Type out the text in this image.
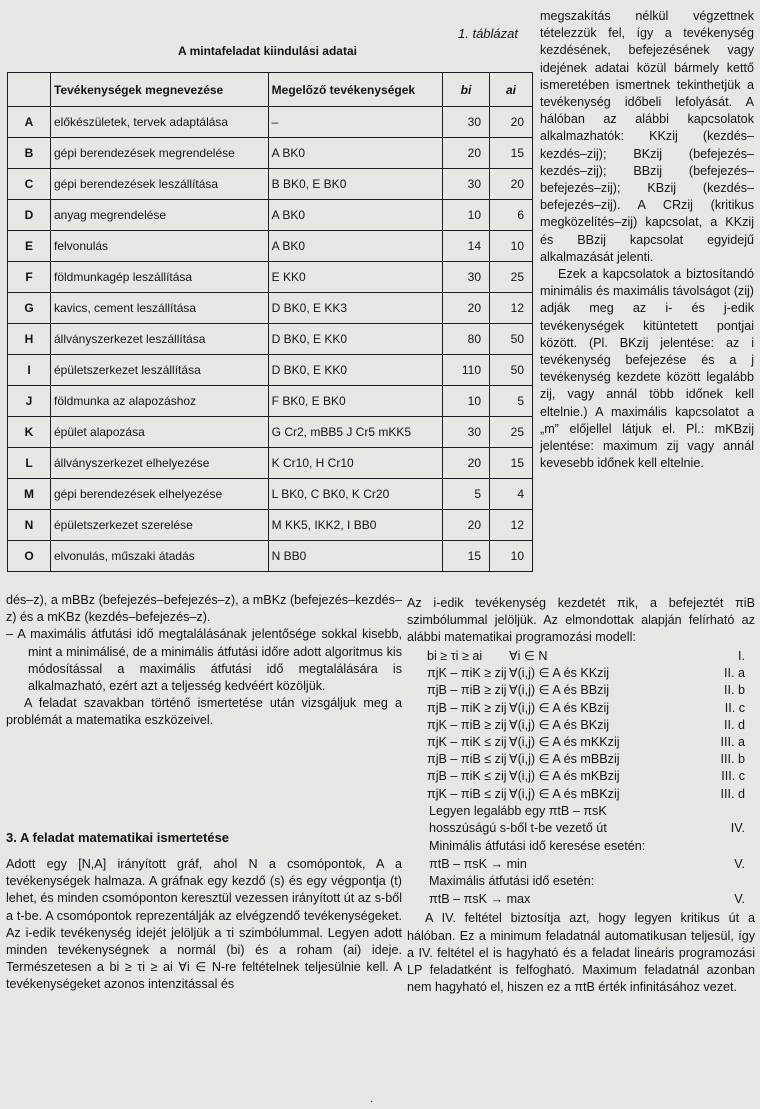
1. táblázat
A mintafeladat kiindulási adatai
	Tevékenységek megnevezése	Megelőző tevékenységek	bi	ai
A	előkészületek, tervek adaptálása	–	30	20
B	gépi berendezések megrendelése	A BK0	20	15
C	gépi berendezések leszállítása	B BK0, E BK0	30	20
D	anyag megrendelése	A BK0	10	6
E	felvonulás	A BK0	14	10
F	földmunkagép leszállítása	E KK0	30	25
G	kavics, cement leszállítása	D BK0, E KK3	20	12
H	állványszerkezet leszállítása	D BK0, E KK0	80	50
I	épületszerkezet leszállítása	D BK0, E KK0	110	50
J	földmunka az alapozáshoz	F BK0, E BK0	10	5
K	épület alapozása	G Cr2, mBB5 J Cr5 mKK5	30	25
L	állványszerkezet elhelyezése	K Cr10, H Cr10	20	15
M	gépi berendezések elhelyezése	L BK0, C BK0, K Cr20	5	4
N	épületszerkezet szerelése	M KK5, IKK2, I BB0	20	12
O	elvonulás, műszaki átadás	N BB0	15	10

megszakítás nélkül végzettnek tételezzük fel, így a tevékenység kezdésének, befejezésének vagy idejének adatai közül bármely kettő ismeretében ismertnek tekinthetjük a tevékenység időbeli lefolyását. A hálóban az alábbi kapcsolatok alkalmazhatók: KKzij (kezdés–kezdés–zij); BKzij (befejezés–kezdés–zij); BBzij (befejezés–befejezés–zij); KBzij (kezdés–befejezés–zij). A CRzij (kritikus megközelítés–zij) kapcsolat, a KKzij és BBzij kapcsolat egyidejű alkalmazását jelenti.

Ezek a kapcsolatok a biztosítandó minimális és maximális távolságot (zij) adják meg az i- és j-edik tevékenységek kitüntetett pontjai között. (Pl. BKzij jelentése: az i tevékenység befejezése és a j tevékenység kezdete között legalább zij, vagy annál több időnek kell eltelnie.) A maximális kapcsolatot a „m” előjellel látjuk el. Pl.: mKBzij jelentése: maximum zij vagy annál kevesebb időnek kell eltelnie.

dés–z), a mBBz (befejezés–befejezés–z), a mBKz (befejezés–kezdés–z) és a mKBz (kezdés–befejezés–z).

– A maximális átfutási idő megtalálásának jelentősége sokkal kisebb, mint a minimálisé, de a minimális átfutási időre adott algoritmus kis módosítással a maximális átfutási idő megtalálására is alkalmazható, ezért azt a teljesség kedvéért közöljük.

A feladat szavakban történő ismertetése után vizsgáljuk meg a problémát a matematika eszközeivel.

3. A feladat matematikai ismertetése

Adott egy [N,A] irányított gráf, ahol N a csomópontok, A a tevékenységek halmaza. A gráfnak egy kezdő (s) és egy végpontja (t) lehet, és minden csomóponton keresztül vezessen irányított út az s-ből a t-be. A csomópontok reprezentálják az elvégzendő tevékenységeket. Az i-edik tevékenység idejét jelöljük a τi szimbólummal. Legyen adott minden tevékenységnek a normál (bi) és a roham (ai) ideje. Természetesen a bi ≥ τi ≥ ai ∀i ∈ N-re feltételnek teljesülnie kell. A tevékenységeket azonos intenzitással és

Az i-edik tevékenység kezdetét πik, a befejeztét πiB szimbólummal jelöljük. Az elmondottak alapján felírható az alábbi matematikai programozási modell:

bi ≥ τi ≥ ai ∀i ∈ N	I.
πjK – πiK ≥ zij ∀(i,j) ∈ A és KKzij	II. a
πjB – πiB ≥ zij ∀(i,j) ∈ A és BBzij	II. b
πjB – πiK ≥ zij ∀(i,j) ∈ A és KBzij	II. c
πjK – πiB ≥ zij ∀(i,j) ∈ A és BKzij	II. d
πjK – πiK ≤ zij ∀(i,j) ∈ A és mKKzij	III. a
πjB – πiB ≤ zij ∀(i,j) ∈ A és mBBzij	III. b
πjB – πiK ≤ zij ∀(i,j) ∈ A és mKBzij	III. c
πjK – πiB ≤ zij ∀(i,j) ∈ A és mBKzij	III. d
Legyen legalább egy πtB – πsK
hosszúságú s-ből t-be vezető út	IV.
Minimális átfutási idő keresése esetén:
πtB – πsK → min	V.
Maximális átfutási idő esetén:
πtB – πsK → max	V.
A IV. feltétel biztosítja azt, hogy legyen kritikus út a hálóban. Ez a minimum feladatnál automatikusan teljesül, így a IV. feltétel el is hagyható és a feladat lineáris programozási LP feladatként is felfogható. Maximum feladatnál azonban nem hagyható el, hiszen ez a πtB érték infinitásához vezet.
·
